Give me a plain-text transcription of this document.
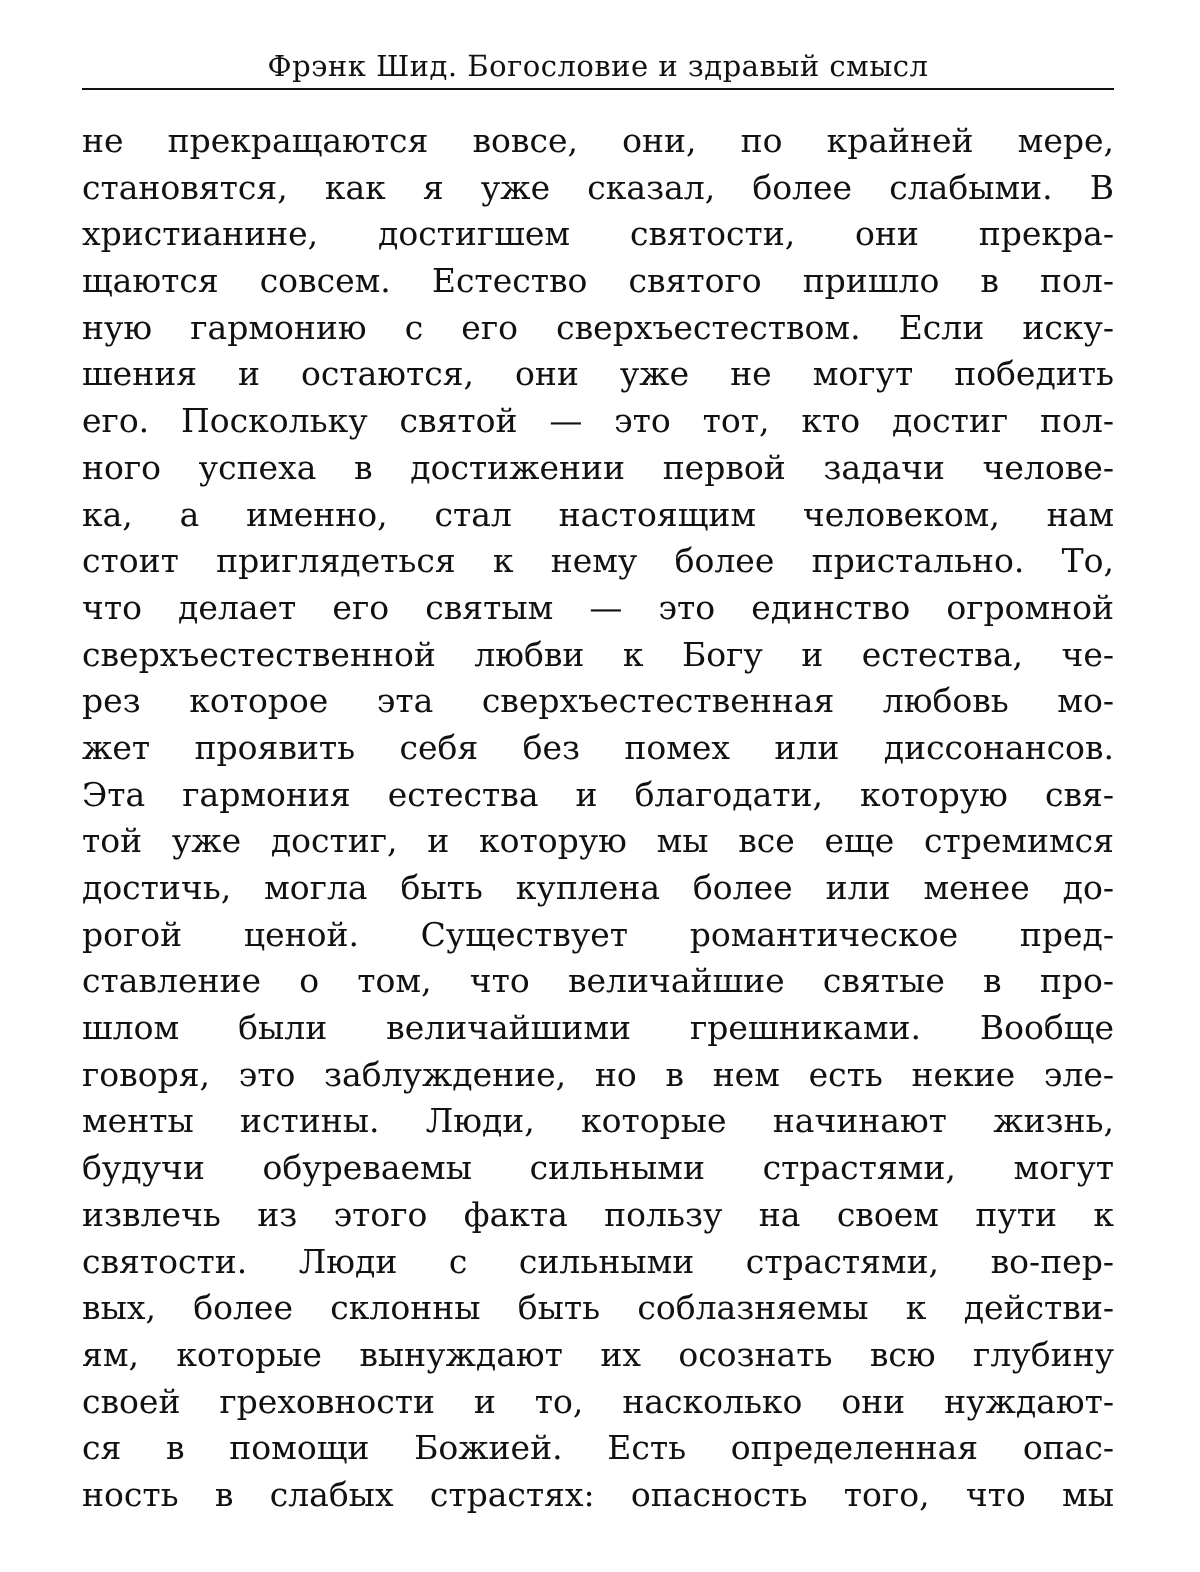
Фрэнк Шид. Богословие и здравый смысл
не прекращаются вовсе, они, по крайней мере,
становятся, как я уже сказал, более слабыми. В
христианине, достигшем святости, они прекра-
щаются совсем. Естество святого пришло в пол-
ную гармонию с его сверхъестеством. Если иску-
шения и остаются, они уже не могут победить
его. Поскольку святой — это тот, кто достиг пол-
ного успеха в достижении первой задачи челове-
ка, а именно, стал настоящим человеком, нам
стоит приглядеться к нему более пристально. То,
что делает его святым — это единство огромной
сверхъестественной любви к Богу и естества, че-
рез которое эта сверхъестественная любовь мо-
жет проявить себя без помех или диссонансов.
Эта гармония естества и благодати, которую свя-
той уже достиг, и которую мы все еще стремимся
достичь, могла быть куплена более или менее до-
рогой ценой. Существует романтическое пред-
ставление о том, что величайшие святые в про-
шлом были величайшими грешниками. Вообще
говоря, это заблуждение, но в нем есть некие эле-
менты истины. Люди, которые начинают жизнь,
будучи обуреваемы сильными страстями, могут
извлечь из этого факта пользу на своем пути к
святости. Люди с сильными страстями, во-пер-
вых, более склонны быть соблазняемы к действи-
ям, которые вынуждают их осознать всю глубину
своей греховности и то, насколько они нуждают-
ся в помощи Божией. Есть определенная опас-
ность в слабых страстях: опасность того, что мы
